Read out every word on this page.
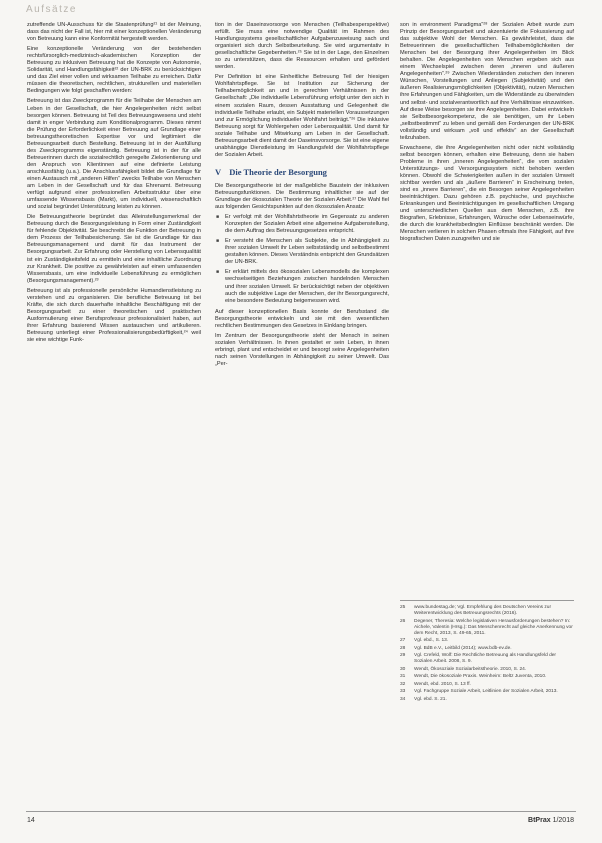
Aufsätze

zutreffende UN-Ausschuss für die Staatenprüfung²¹ ist der Meinung, dass das nicht der Fall ist, hier mit einer konzeptionellen Veränderung von Betreuung kann eine Konformität hergestellt werden.

Eine konzeptionelle Veränderung von der bestehenden rechtsfürsorglich-medizinisch-akademischen Konzeption der Betreuung zu inklusiven Betreuung hat die Konzepte von Autonomie, Solidarität, und Handlungsfähigkeit²² der UN-BRK zu berücksichtigen und das Ziel einer vollen und wirksamen Teilhabe zu erreichen. Dafür müssen die theoretischen, rechtlichen, strukturellen und materiellen Bedingungen wie folgt geschaffen werden:

Betreuung ist das Zweckprogramm für die Teilhabe der Menschen am Leben in der Gesellschaft, die hier Angelegenheiten nicht selbst besorgen können. Betreuung ist Teil des Betreuungswesens und steht damit in enger Verbindung zum Konditionalprogramm. Dieses nimmt die Prüfung der Erforderlichkeit einer Betreuung auf Grundlage einer betreuungstheoretischen Expertise vor und legitimiert die Betreuungsarbeit durch Bestellung. Betreuung ist in der Ausfüllung des Zweckprogramms eigenständig. Betreuung ist in der für alle Betreuerinnen durch die sozialrechtlich geregelte Zielorientierung und den Anspruch von Klientinnen auf eine definierte Leistung anschlussfähig (u.a.). Die Anschlussfähigkeit bildet die Grundlage für einen Austausch mit „anderen Hilfen“ zwecks Teilhabe von Menschen am Leben in der Gesellschaft und für das Ehrenamt. Betreuung verfügt aufgrund einer professionellen Arbeitsstruktur über eine umfassende Wissensbasis (Markt), um individuell, wissenschaftlich und sozial begründet Unterstützung leisten zu können.

Die Betreuungstheorie begründet das Alleinstellungsmerkmal der Betreuung durch die Besorgungsleistung in Form einer Zuständigkeit für fehlende Objektivität. Sie beschreibt die Funktion der Betreuung in dem Prozess der Teilhabesicherung. Sie ist die Grundlage für das Betreuungsmanagement und damit für das Instrument der Besorgungsarbeit. Zur Erfahrung oder Herstellung von Lebensqualität ist ein Zuständigkeitsfeld zu ermitteln und eine inhaltliche Zuordnung zur Krankheit. Die positive zu gewährleisten auf einen umfassenden Wissensbasis, um eine individuelle Lebensführung zu ermöglichen (Besorgungsmanagement).²³

Betreuung ist als professionelle persönliche Humandienstleistung zu verstehen und zu organisieren. Die berufliche Betreuung ist bei Kräfte, die sich durch dauerhafte inhaltliche Beschäftigung mit der Besorgungsarbeit zu einer theoretischen und praktischen Ausformulierung einer Berufsprofessur professionalisiert haben, auf ihrer Erfahrung basierend Wissen austauschen und artikulieren. Betreuung unterliegt einer Professionalisierungsbedürftigkeit,²⁴ weil sie eine wichtige Funk-

tion in der Daseinsvorsorge von Menschen (Teilhabesperspektive) erfüllt. Sie muss eine notwendige Qualität im Rahmen des Handlungssystems gesellschaftlicher Aufgabenzuweisung sach und organisiert sich durch Selbstbeurteilung. Sie wird argumentativ in gesellschaftliche Gegebenheiten.²⁵ Sie ist in der Lage, den Einzelnen so zu unterstützen, dass die Ressourcen erhalten und gefördert werden.

Per Definition ist eine Einheitliche Betreuung Teil der hiesigen Wohlfahrtspflege. Sie ist Institution zur Sicherung der Teilhabemöglichkeit an und in gerechten Verhältnissen in der Gesellschaft: „Die individuelle Lebensführung erfolgt unter den sich in einem sozialen Raum, dessen Ausstattung und Gelegenheit die individuelle Teilhabe erlaubt, ein Subjekt materiellen Voraussetzungen und zur Ermöglichung individueller Wohlfahrt beiträgt.“²⁶ Die inklusive Betreuung sorgt für Wohlergehen oder Lebensqualität. Und damit für soziale Teilhabe und Mitwirkung am Leben in der Gesellschaft. Betreuungsarbeit dient damit der Daseinsvorsorge. Sie ist eine eigene unabhängige Dienstleistung im Handlungsfeld der Wohlfahrtspflege der Sozialen Arbeit.

V Die Theorie der Besorgung

Die Besorgungstheorie ist der maßgebliche Baustein der inklusiven Betreuungsfunktionen. Die Bestimmung inhaltlicher sie auf der Grundlage der ökosozialen Theorie der Sozialen Arbeit.²⁷ Die Wahl fiel aus folgenden Gesichtspunkten auf den ökosozialen Ansatz:

■ Er verfolgt mit der Wohlfahrtstheorie im Gegensatz zu anderen Konzepten der Sozialen Arbeit eine allgemeine Aufgabenstellung, die dem Auftrag des Betreuungsgesetzes entspricht.
■ Er versteht die Menschen als Subjekte, die in Abhängigkeit zu ihrer sozialen Umwelt ihr Leben selbstständig und selbstbestimmt gestalten können. Dieses Verständnis entspricht den Grundsätzen der UN-BRK.
■ Er erklärt mittels des ökosozialen Lebensmodells die komplexen wechselseitigen Beziehungen zwischen handelnden Menschen und ihrer sozialen Umwelt. Er berücksichtigt neben der objektiven auch die subjektive Lage der Menschen, der ihr Besorgungsrecht, eine besondere Bedeutung beigemessen wird.

Auf dieser konzeptionellen Basis konnte der Berufsstand die Besorgungstheorie entwickeln und sie mit den wesentlichen rechtlichen Bestimmungen des Gesetzes in Einklang bringen.

Im Zentrum der Besorgungstheorie steht der Mensch in seinen sozialen Verhältnissen. In ihnen gestaltet er sein Leben, in ihnen erbringt, plant und entscheidet er und besorgt seine Angelegenheiten nach seinen Vorstellungen in Abhängigkeit zu seiner Umwelt. Das „Per-

son in environment Paradigma“²⁸ der Sozialen Arbeit wurde zum Prinzip der Besorgungsarbeit und akzentuierte die Fokussierung auf das subjektive Wohl der Menschen. Es gewährleistet, dass die Betreuerinnen die gesellschaftlichen Teilhabemöglichkeiten der Menschen bei der Besorgung ihrer Angelegenheiten im Blick behalten. Die Angelegenheiten von Menschen ergeben sich aus einem Wechselspiel zwischen deren „inneren und äußeren Angelegenheiten“.²⁹ Zwischen Wiederständen zwischen den inneren Wünschen, Vorstellungen und Anliegen (Subjektivität) und den äußeren Realisierungsmöglichkeiten (Objektivität), nutzen Menschen ihre Erfahrungen und Fähigkeiten, um die Widerstände zu überwinden und selbst- und sozialverantwortlich auf ihre Verhältnisse einzuwirken. Auf diese Weise besorgen sie ihre Angelegenheiten. Dabei entwickeln sie Selbstbesorgekompetenz, die sie benötigen, um ihr Leben „selbstbestimmt“ zu leben und gemäß den Forderungen der UN-BRK vollständig und wirksam „voll und effektiv“ an der Gesellschaft teilzuhaben.

Erwachsene, die ihre Angelegenheiten nicht oder nicht vollständig selbst besorgen können, erhalten eine Betreuung, denn sie haben Probleme in ihren „inneren Angelegenheiten“, die vom sozialen Unterstützungs- und Versorgungssystem nicht behoben werden können. Obwohl die Schwierigkeiten außen in der sozialen Umwelt sichtbar werden und als „äußere Barrieren“ in Erscheinung treten, sind es „innere Barrieren“, die ein Besorgen seiner Angelegenheiten beeinträchtigen. Dazu gehören z.B. psychische, und psychische Erkrankungen und Beeinträchtigungen im gesellschaftlichen Umgang und unterschiedlichen Quellen aus dem Menschen, z.B. ihre Biografien, Erlebnisse, Erfahrungen, Wünsche oder Lebenseinwürfe, die durch die krankheitsbedingten Einflüsse beschränkt werden. Die Menschen verlieren in solchen Phasen oftmals ihre Fähigkeit, auf ihre biografischen Daten zuzugreifen und sie

25	www.bundestag.de; Vgl. Empfehlung des Deutschen Vereins zur Weiterentwicklung des Betreuungsrechts (2016).
26	Degener, Theresia: Welche legislativen Herausforderungen bestehen? In: Aichele, Valentin (Hrsg.): Das Menschenrecht auf gleiche Anerkennung vor dem Recht, 2013, S. 49-65, 2011.
27	Vgl. ebd., S. 13.
28	Vgl. BdB e.V., Leitbild (2014); www.bdb-ev.de.
29	Vgl. Crefeld, Wolf: Die Rechtliche Betreuung als Handlungsfeld der Sozialen Arbeit. 2008, S. 9.
30	Wendt, Ökosoziale Sozialarbeitstheorie. 2010, S. 24.
31	Wendt, Die ökosoziale Praxis. Weinheim: Beltz Juventa, 2010.
32	Wendt, ebd. 2010, S. 13 ff.
33	Vgl. Fachgruppe Soziale Arbeit, Leitlinien der Sozialen Arbeit, 2013.
34	Vgl. ebd. S. 21.
14	BtPrax 1/2018
